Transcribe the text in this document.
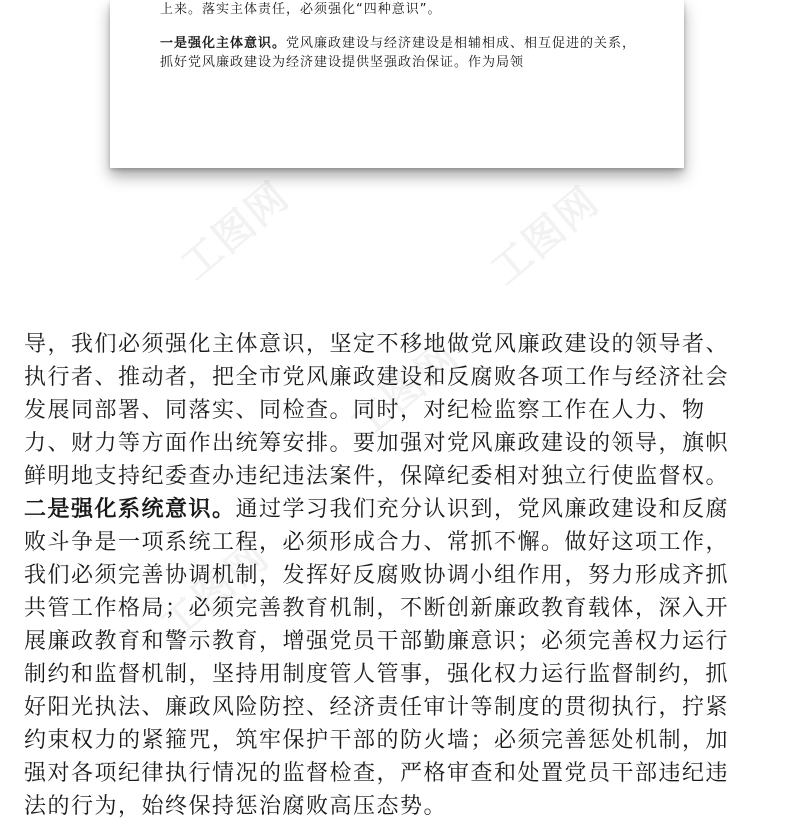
工图网	工图网
工图网
工图网

上来。落实主体责任，必须强化“四种意识”。

一是强化主体意识。党风廉政建设与经济建设是相辅相成、相互促进的关系，抓好党风廉政建设为经济建设提供坚强政治保证。作为局领

导，我们必须强化主体意识，坚定不移地做党风廉政建设的领导者、
执行者、推动者，把全市党风廉政建设和反腐败各项工作与经济社会
发展同部署、同落实、同检查。同时，对纪检监察工作在人力、物
力、财力等方面作出统筹安排。要加强对党风廉政建设的领导，旗帜
鲜明地支持纪委查办违纪违法案件，保障纪委相对独立行使监督权。
二是强化系统意识。通过学习我们充分认识到，党风廉政建设和反腐
败斗争是一项系统工程，必须形成合力、常抓不懈。做好这项工作，
我们必须完善协调机制，发挥好反腐败协调小组作用，努力形成齐抓
共管工作格局；必须完善教育机制，不断创新廉政教育载体，深入开
展廉政教育和警示教育，增强党员干部勤廉意识；必须完善权力运行
制约和监督机制，坚持用制度管人管事，强化权力运行监督制约，抓
好阳光执法、廉政风险防控、经济责任审计等制度的贯彻执行，拧紧
约束权力的紧箍咒，筑牢保护干部的防火墙；必须完善惩处机制，加
强对各项纪律执行情况的监督检查，严格审查和处置党员干部违纪违
法的行为，始终保持惩治腐败高压态势。
